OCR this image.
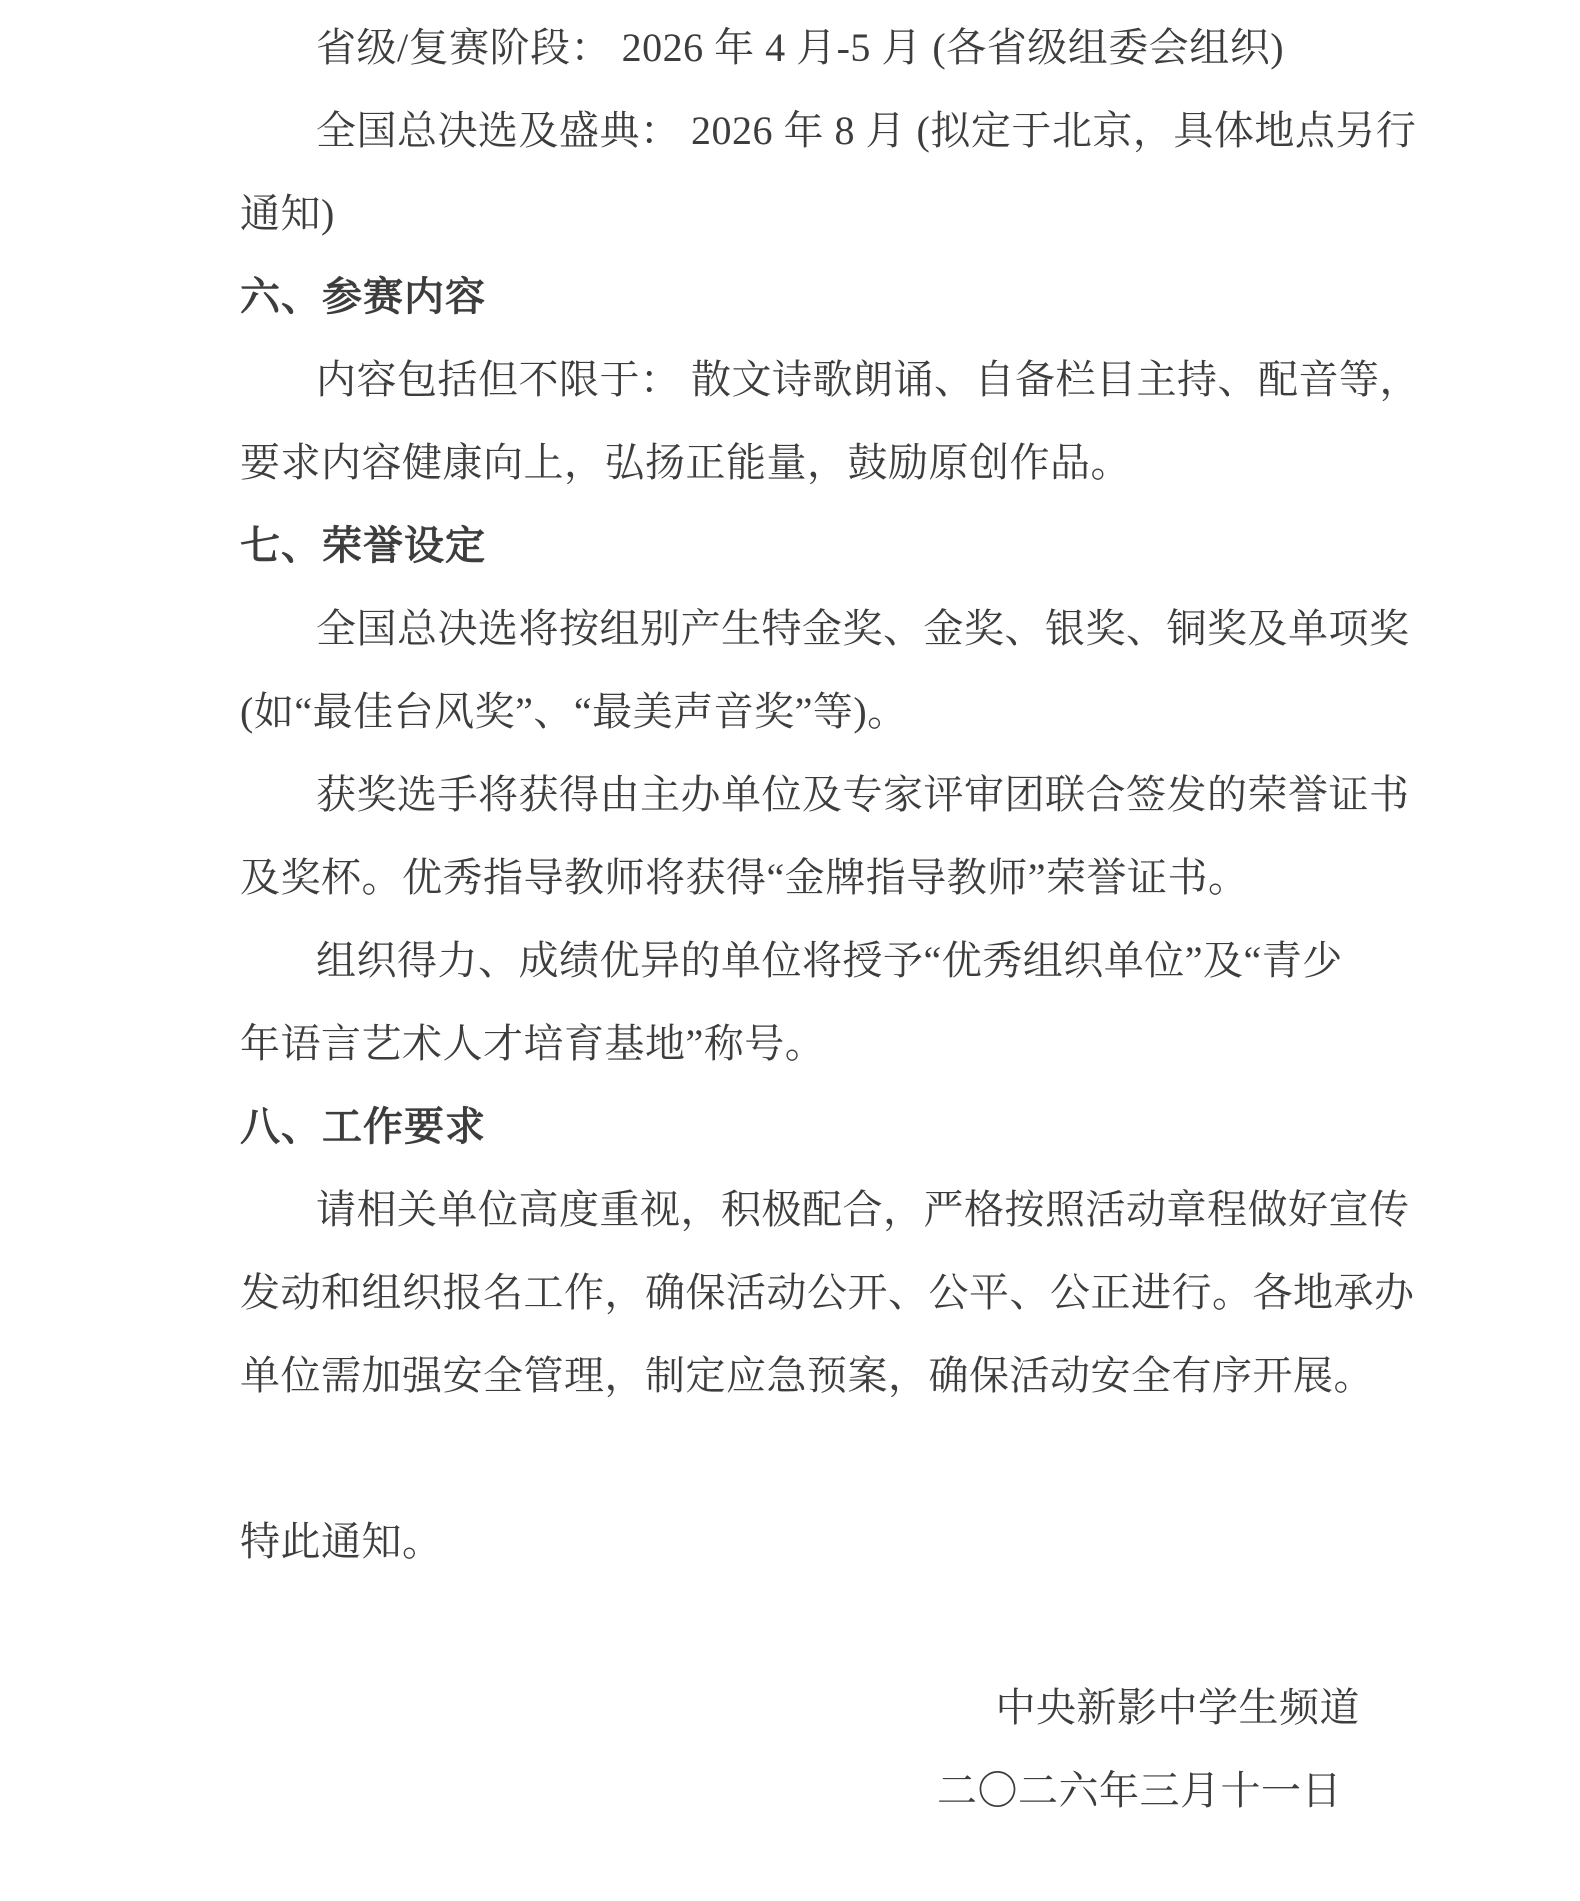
省级/复赛阶段： 2026 年 4 月-5 月 (各省级组委会组织)
全国总决选及盛典： 2026 年 8 月 (拟定于北京，具体地点另行
通知)
六、参赛内容
内容包括但不限于： 散文诗歌朗诵、自备栏目主持、配音等，
要求内容健康向上，弘扬正能量，鼓励原创作品。
七、荣誉设定
全国总决选将按组别产生特金奖、金奖、银奖、铜奖及单项奖
(如“最佳台风奖”、“最美声音奖”等)。
获奖选手将获得由主办单位及专家评审团联合签发的荣誉证书
及奖杯。优秀指导教师将获得“金牌指导教师”荣誉证书。
组织得力、成绩优异的单位将授予“优秀组织单位”及“青少
年语言艺术人才培育基地”称号。
八、工作要求
请相关单位高度重视，积极配合，严格按照活动章程做好宣传
发动和组织报名工作，确保活动公开、公平、公正进行。各地承办
单位需加强安全管理，制定应急预案，确保活动安全有序开展。
特此通知。
中央新影中学生频道
二〇二六年三月十一日
